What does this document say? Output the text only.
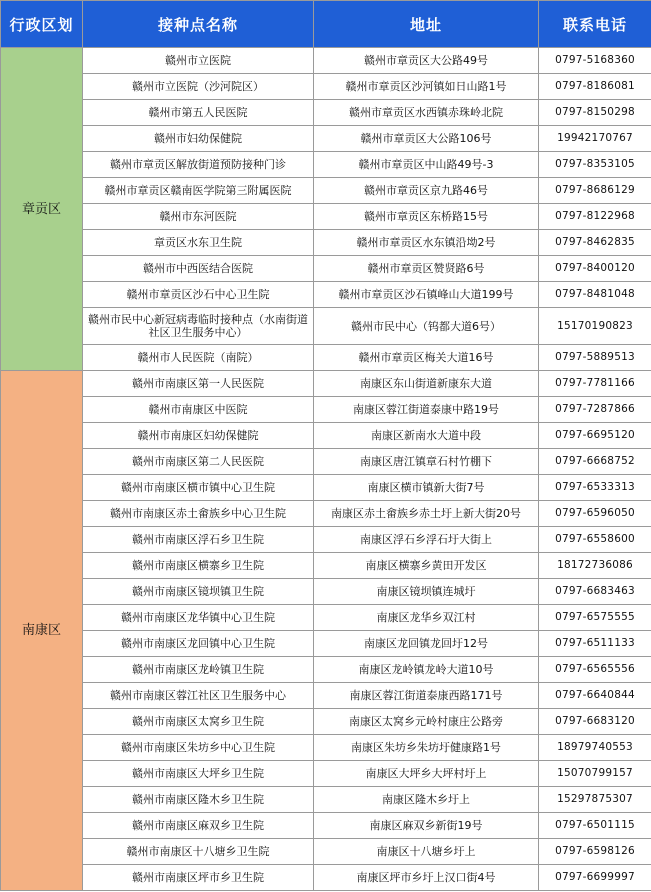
行政区划	接种点名称	地址	联系电话
章贡区	赣州市立医院	赣州市章贡区大公路49号	0797-5168360
	赣州市立医院（沙河院区）	赣州市章贡区沙河镇如日山路1号	0797-8186081
	赣州市第五人民医院	赣州市章贡区水西镇赤珠岭北院	0797-8150298
	赣州市妇幼保健院	赣州市章贡区大公路106号	19942170767
	赣州市章贡区解放街道预防接种门诊	赣州市章贡区中山路49号-3	0797-8353105
	赣州市章贡区赣南医学院第三附属医院	赣州市章贡区京九路46号	0797-8686129
	赣州市东河医院	赣州市章贡区东桥路15号	0797-8122968
	章贡区水东卫生院	赣州市章贡区水东镇沿坳2号	0797-8462835
	赣州市中西医结合医院	赣州市章贡区赞贤路6号	0797-8400120
	赣州市章贡区沙石中心卫生院	赣州市章贡区沙石镇峰山大道199号	0797-8481048
	赣州市民中心新冠病毒临时接种点（水南街道社区卫生服务中心）	赣州市民中心（钨都大道6号）	15170190823
	赣州市人民医院（南院）	赣州市章贡区梅关大道16号	0797-5889513
南康区	赣州市南康区第一人民医院	南康区东山街道新康东大道	0797-7781166
	赣州市南康区中医院	南康区蓉江街道泰康中路19号	0797-7287866
	赣州市南康区妇幼保健院	南康区新南水大道中段	0797-6695120
	赣州市南康区第二人民医院	南康区唐江镇章石村竹棚下	0797-6668752
	赣州市南康区横市镇中心卫生院	南康区横市镇新大街7号	0797-6533313
	赣州市南康区赤土畲族乡中心卫生院	南康区赤土畲族乡赤土圩上新大街20号	0797-6596050
	赣州市南康区浮石乡卫生院	南康区浮石乡浮石圩大街上	0797-6558600
	赣州市南康区横寨乡卫生院	南康区横寨乡黄田开发区	18172736086
	赣州市南康区镜坝镇卫生院	南康区镜坝镇连城圩	0797-6683463
	赣州市南康区龙华镇中心卫生院	南康区龙华乡双江村	0797-6575555
	赣州市南康区龙回镇中心卫生院	南康区龙回镇龙回圩12号	0797-6511133
	赣州市南康区龙岭镇卫生院	南康区龙岭镇龙岭大道10号	0797-6565556
	赣州市南康区蓉江社区卫生服务中心	南康区蓉江街道泰康西路171号	0797-6640844
	赣州市南康区太窝乡卫生院	南康区太窝乡元岭村康庄公路旁	0797-6683120
	赣州市南康区朱坊乡中心卫生院	南康区朱坊乡朱坊圩健康路1号	18979740553
	赣州市南康区大坪乡卫生院	南康区大坪乡大坪村圩上	15070799157
	赣州市南康区隆木乡卫生院	南康区隆木乡圩上	15297875307
	赣州市南康区麻双乡卫生院	南康区麻双乡新街19号	0797-6501115
	赣州市南康区十八塘乡卫生院	南康区十八塘乡圩上	0797-6598126
	赣州市南康区坪市乡卫生院	南康区坪市乡圩上汉口街4号	0797-6699997
